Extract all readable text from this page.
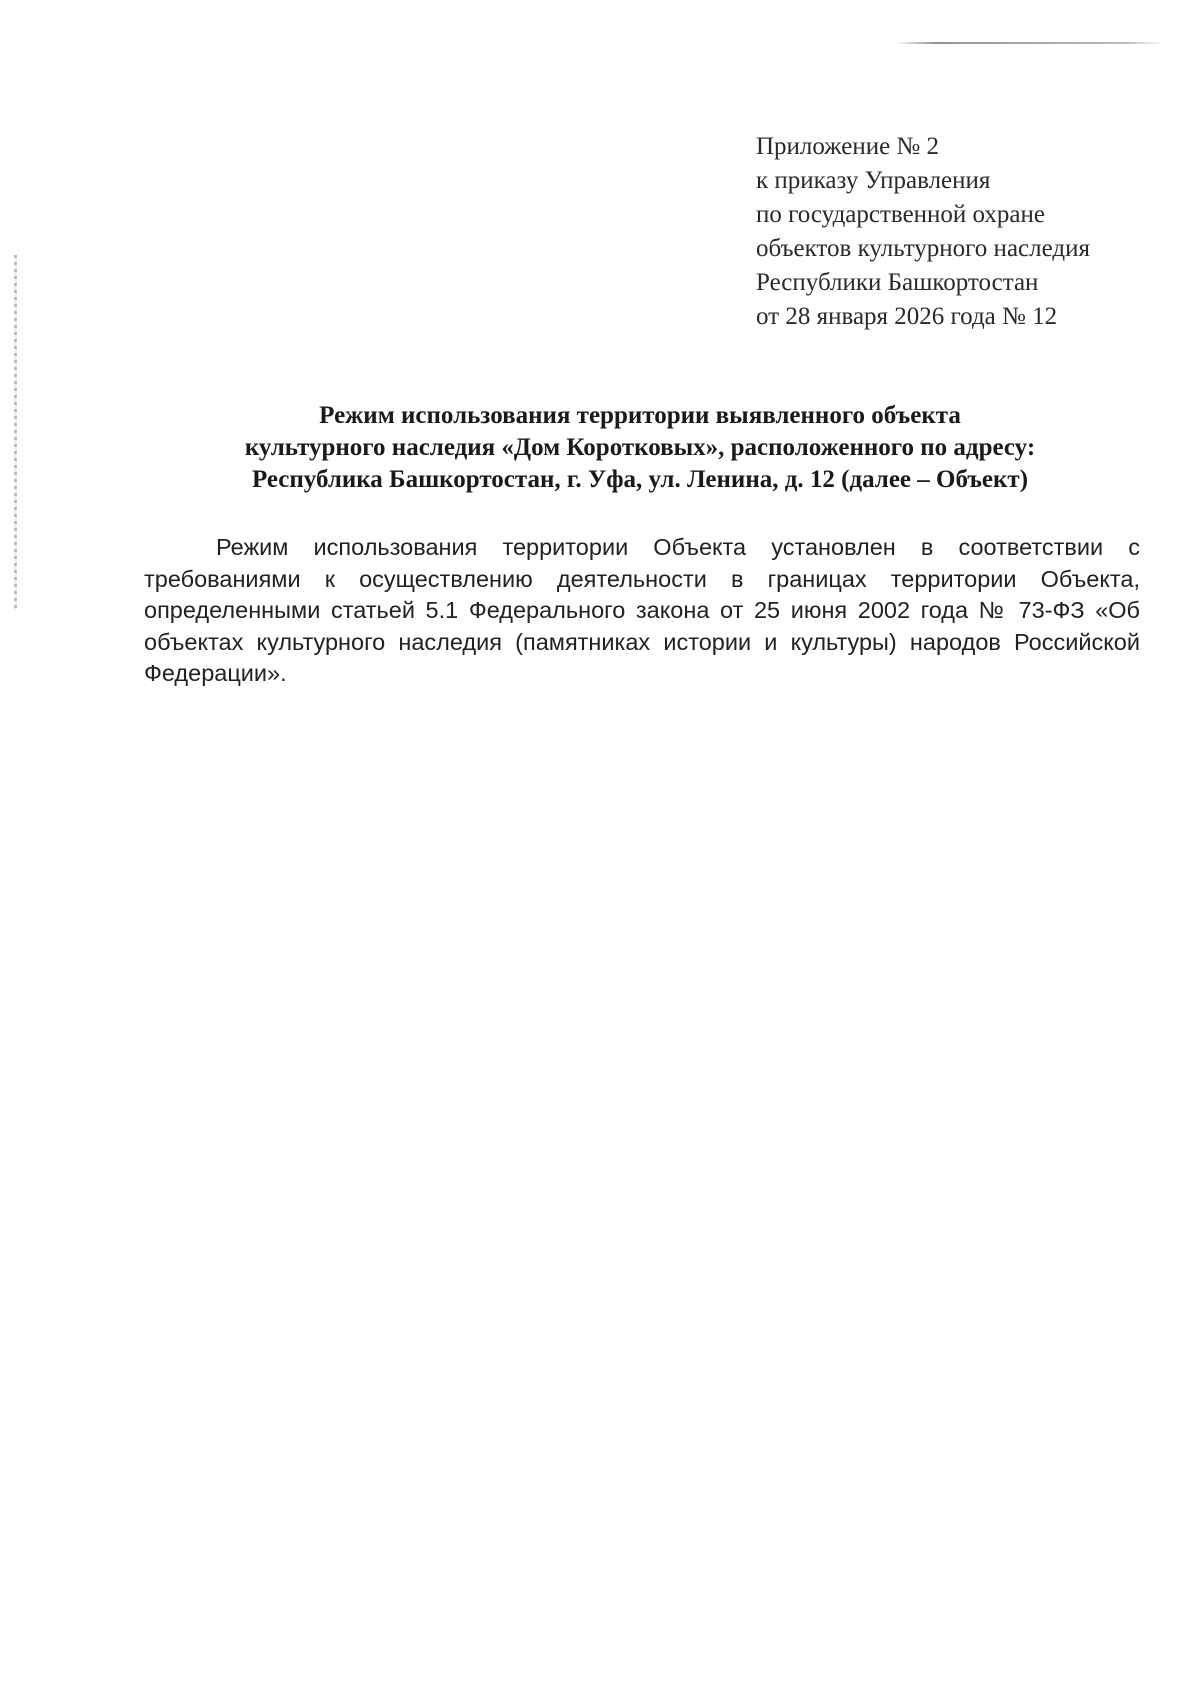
Приложение № 2
к приказу Управления
по государственной охране
объектов культурного наследия
Республики Башкортостан
от 28 января 2026 года № 12
Режим использования территории выявленного объекта
культурного наследия «Дом Коротковых», расположенного по адресу:
Республика Башкортостан, г. Уфа, ул. Ленина, д. 12 (далее – Объект)

Режим использования территории Объекта установлен в соответствии с требованиями к осуществлению деятельности в границах территории Объекта, определенными статьей 5.1 Федерального закона от 25 июня 2002 года № 73-ФЗ «Об объектах культурного наследия (памятниках истории и культуры) народов Российской Федерации».
